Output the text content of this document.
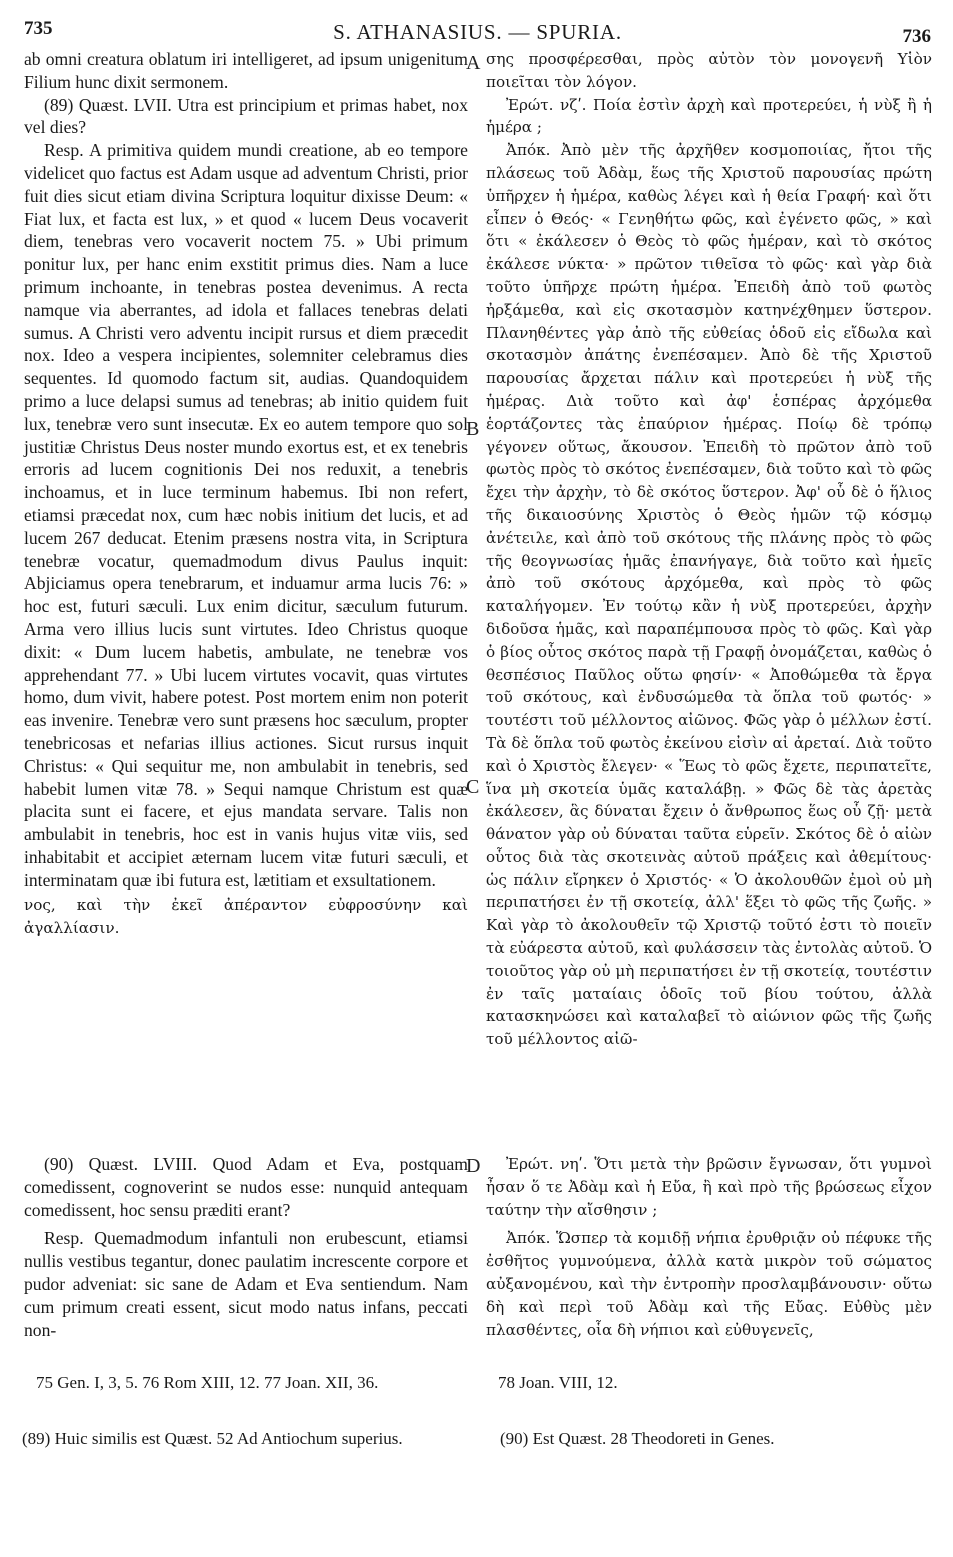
735	S. ATHANASIUS. — SPURIA.	736
A
B
C
D

ab omni creatura oblatum iri intelligeret, ad ipsum unigenitum Filium hunc dixit sermonem.

(89) Quæst. LVII. Utra est principium et primas habet, nox vel dies?

Resp. A primitiva quidem mundi creatione, ab eo tempore videlicet quo factus est Adam usque ad adventum Christi, prior fuit dies sicut etiam divina Scriptura loquitur dixisse Deum: « Fiat lux, et facta est lux, » et quod « lucem Deus vocaverit diem, tenebras vero vocaverit noctem 75. » Ubi primum ponitur lux, per hanc enim exstitit primus dies. Nam a luce primum inchoante, in tenebras postea devenimus. A recta namque via aberrantes, ad idola et fallaces tenebras delati sumus. A Christi vero adventu incipit rursus et diem præcedit nox. Ideo a vespera incipientes, solemniter celebramus dies sequentes. Id quomodo factum sit, audias. Quandoquidem primo a luce delapsi sumus ad tenebras; ab initio quidem fuit lux, tenebræ vero sunt insecutæ. Ex eo autem tempore quo sol justitiæ Christus Deus noster mundo exortus est, et ex tenebris erroris ad lucem cognitionis Dei nos reduxit, a tenebris inchoamus, et in luce terminum habemus. Ibi non refert, etiamsi præcedat nox, cum hæc nobis initium det lucis, et ad lucem 267 deducat. Etenim præsens nostra vita, in Scriptura tenebræ vocatur, quemadmodum divus Paulus inquit: Abjiciamus opera tenebrarum, et induamur arma lucis 76: » hoc est, futuri sæculi. Lux enim dicitur, sæculum futurum. Arma vero illius lucis sunt virtutes. Ideo Christus quoque dixit: « Dum lucem habetis, ambulate, ne tenebræ vos apprehendant 77. » Ubi lucem virtutes vocavit, quas virtutes homo, dum vivit, habere potest. Post mortem enim non poterit eas invenire. Tenebræ vero sunt præsens hoc sæculum, propter tenebricosas et nefarias illius actiones. Sicut rursus inquit Christus: « Qui sequitur me, non ambulabit in tenebris, sed habebit lumen vitæ 78. » Sequi namque Christum est quæ placita sunt ei facere, et ejus mandata servare. Talis non ambulabit in tenebris, hoc est in vanis hujus vitæ viis, sed inhabitabit et accipiet æternam lucem vitæ futuri sæculi, et interminatam quæ ibi futura est, lætitiam et exsultationem.

νος, καὶ τὴν ἐκεῖ ἀπέραντον εὐφροσύνην καὶ ἀγαλλίασιν.

σης προσφέρεσθαι, πρὸς αὐτὸν τὸν μονογενῆ Υἱὸν ποιεῖται τὸν λόγον.

Ἐρώτ. νζʹ. Ποία ἐστὶν ἀρχὴ καὶ προτερεύει, ἡ νὺξ ἢ ἡ ἡμέρα ;

Ἀπόκ. Ἀπὸ μὲν τῆς ἀρχῆθεν κοσμοποιίας, ἤτοι τῆς πλάσεως τοῦ Ἀδὰμ, ἕως τῆς Χριστοῦ παρουσίας πρώτη ὑπῆρχεν ἡ ἡμέρα, καθὼς λέγει καὶ ἡ θεία Γραφή· καὶ ὅτι εἶπεν ὁ Θεός· « Γενηθήτω φῶς, καὶ ἐγένετο φῶς, » καὶ ὅτι « ἐκάλεσεν ὁ Θεὸς τὸ φῶς ἡμέραν, καὶ τὸ σκότος ἐκάλεσε νύκτα· » πρῶτον τιθεῖσα τὸ φῶς· καὶ γὰρ διὰ τοῦτο ὑπῆρχε πρώτη ἡμέρα. Ἐπειδὴ ἀπὸ τοῦ φωτὸς ἠρξάμεθα, καὶ εἰς σκοτασμὸν κατηνέχθημεν ὕστερον. Πλανηθέντες γὰρ ἀπὸ τῆς εὐθείας ὁδοῦ εἰς εἴδωλα καὶ σκοτασμὸν ἀπάτης ἐνεπέσαμεν. Ἀπὸ δὲ τῆς Χριστοῦ παρουσίας ἄρχεται πάλιν καὶ προτερεύει ἡ νὺξ τῆς ἡμέρας. Διὰ τοῦτο καὶ ἀφ' ἑσπέρας ἀρχόμεθα ἑορτάζοντες τὰς ἐπαύριον ἡμέρας. Ποίῳ δὲ τρόπῳ γέγονεν οὕτως, ἄκουσον. Ἐπειδὴ τὸ πρῶτον ἀπὸ τοῦ φωτὸς πρὸς τὸ σκότος ἐνεπέσαμεν, διὰ τοῦτο καὶ τὸ φῶς ἔχει τὴν ἀρχὴν, τὸ δὲ σκότος ὕστερον. Ἀφ' οὗ δὲ ὁ ἥλιος τῆς δικαιοσύνης Χριστὸς ὁ Θεὸς ἡμῶν τῷ κόσμῳ ἀνέτειλε, καὶ ἀπὸ τοῦ σκότους τῆς πλάνης πρὸς τὸ φῶς τῆς θεογνωσίας ἡμᾶς ἐπανήγαγε, διὰ τοῦτο καὶ ἡμεῖς ἀπὸ τοῦ σκότους ἀρχόμεθα, καὶ πρὸς τὸ φῶς καταλήγομεν. Ἐν τούτῳ κἂν ἡ νὺξ προτερεύει, ἀρχὴν διδοῦσα ἡμᾶς, καὶ παραπέμπουσα πρὸς τὸ φῶς. Καὶ γὰρ ὁ βίος οὗτος σκότος παρὰ τῇ Γραφῇ ὀνομάζεται, καθὼς ὁ θεσπέσιος Παῦλος οὕτω φησίν· « Ἀποθώμεθα τὰ ἔργα τοῦ σκότους, καὶ ἐνδυσώμεθα τὰ ὅπλα τοῦ φωτός· » τουτέστι τοῦ μέλλοντος αἰῶνος. Φῶς γὰρ ὁ μέλλων ἐστί. Τὰ δὲ ὅπλα τοῦ φωτὸς ἐκείνου εἰσὶν αἱ ἀρεταί. Διὰ τοῦτο καὶ ὁ Χριστὸς ἔλεγεν· « Ἕως τὸ φῶς ἔχετε, περιπατεῖτε, ἵνα μὴ σκοτεία ὑμᾶς καταλάβῃ. » Φῶς δὲ τὰς ἀρετὰς ἐκάλεσεν, ἃς δύναται ἔχειν ὁ ἄνθρωπος ἕως οὗ ζῇ· μετὰ θάνατον γὰρ οὐ δύναται ταῦτα εὑρεῖν. Σκότος δὲ ὁ αἰὼν οὗτος διὰ τὰς σκοτεινὰς αὐτοῦ πράξεις καὶ ἀθεμίτους· ὡς πάλιν εἴρηκεν ὁ Χριστός· « Ὁ ἀκολουθῶν ἐμοὶ οὐ μὴ περιπατήσει ἐν τῇ σκοτείᾳ, ἀλλ' ἕξει τὸ φῶς τῆς ζωῆς. » Καὶ γὰρ τὸ ἀκολουθεῖν τῷ Χριστῷ τοῦτό ἐστι τὸ ποιεῖν τὰ εὐάρεστα αὐτοῦ, καὶ φυλάσσειν τὰς ἐντολὰς αὐτοῦ. Ὁ τοιοῦτος γὰρ οὐ μὴ περιπατήσει ἐν τῇ σκοτείᾳ, τουτέστιν ἐν ταῖς ματαίαις ὁδοῖς τοῦ βίου τούτου, ἀλλὰ κατασκηνώσει καὶ καταλαβεῖ τὸ αἰώνιον φῶς τῆς ζωῆς τοῦ μέλλοντος αἰῶ-

(90) Quæst. LVIII. Quod Adam et Eva, postquam comedissent, cognoverint se nudos esse: nunquid antequam comedissent, hoc sensu præditi erant?

Resp. Quemadmodum infantuli non erubescunt, etiamsi nullis vestibus tegantur, donec paulatim increscente corpore et pudor adveniat: sic sane de Adam et Eva sentiendum. Nam cum primum creati essent, sicut modo natus infans, peccati non-

Ἐρώτ. νηʹ. Ὅτι μετὰ τὴν βρῶσιν ἔγνωσαν, ὅτι γυμνοὶ ἦσαν ὅ τε Ἀδὰμ καὶ ἡ Εὔα, ἢ καὶ πρὸ τῆς βρώσεως εἶχον ταύτην τὴν αἴσθησιν ;

Ἀπόκ. Ὥσπερ τὰ κομιδῇ νήπια ἐρυθριᾷν οὐ πέφυκε τῆς ἐσθῆτος γυμνούμενα, ἀλλὰ κατὰ μικρὸν τοῦ σώματος αὐξανομένου, καὶ τὴν ἐντροπὴν προσλαμβάνουσιν· οὕτω δὴ καὶ περὶ τοῦ Ἀδὰμ καὶ τῆς Εὔας. Εὐθὺς μὲν πλασθέντες, οἷα δὴ νήπιοι καὶ εὐθυγενεῖς,

75 Gen. I, 3, 5. 76 Rom XIII, 12. 77 Joan. XII, 36.	78 Joan. VIII, 12.
(89) Huic similis est Quæst. 52 Ad Antiochum superius.	(90) Est Quæst. 28 Theodoreti in Genes.
